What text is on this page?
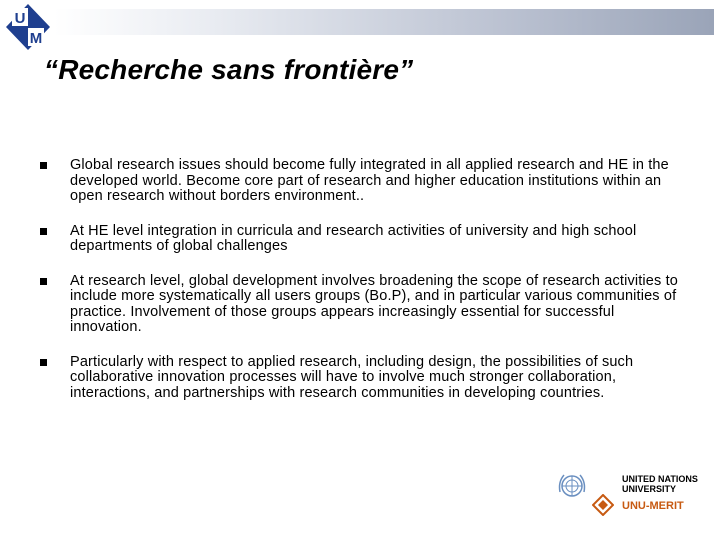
U
M
“Recherche sans frontière”
Global research issues should become fully integrated in all applied research and HE in the developed world. Become core part of research and higher education institutions within an open research without borders environment..
At HE level integration in curricula and research activities of university and high school departments of global challenges
At research level, global development involves broadening the scope of research activities to include more systematically all users groups (Bo.P), and in particular various communities of practice. Involvement of those groups appears increasingly essential for successful innovation.
Particularly with respect to applied research, including design, the possibilities of such collaborative innovation processes will have to involve much stronger collaboration, interactions, and partnerships with research communities in developing countries.
UNITED NATIONS
UNIVERSITY
UNU-MERIT
